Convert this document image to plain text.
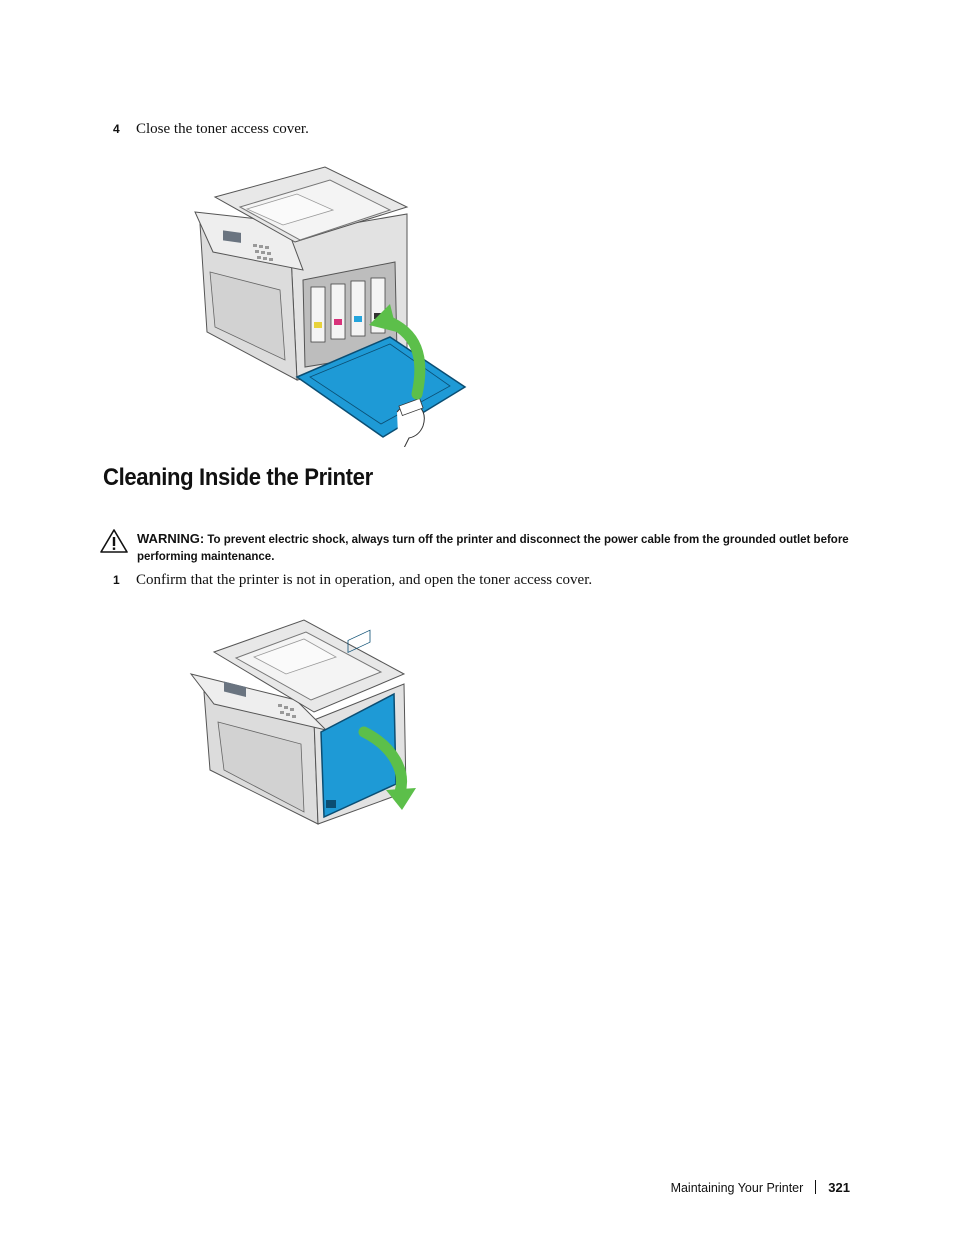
4 Close the toner access cover.
Cleaning Inside the Printer
WARNING: To prevent electric shock, always turn off the printer and disconnect the power cable from the grounded outlet before performing maintenance.
1 Confirm that the printer is not in operation, and open the toner access cover.
Maintaining Your Printer 321
